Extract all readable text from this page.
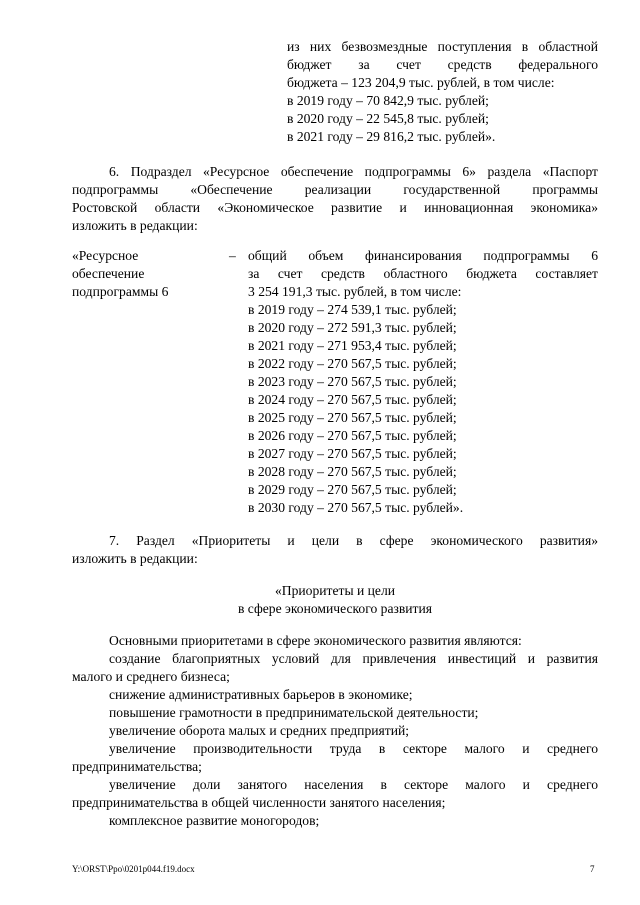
из них безвозмездные поступления в областной
бюджет за счет средств федерального
бюджета – 123 204,9 тыс. рублей, в том числе:
в 2019 году – 70 842,9 тыс. рублей;
в 2020 году – 22 545,8 тыс. рублей;
в 2021 году – 29 816,2 тыс. рублей».
6. Подраздел «Ресурсное обеспечение подпрограммы 6» раздела «Паспорт
подпрограммы «Обеспечение реализации государственной программы
Ростовской области «Экономическое развитие и инновационная экономика»
изложить в редакции:
«Ресурсное
обеспечение
подпрограммы 6
– общий объем финансирования подпрограммы 6
за счет средств областного бюджета составляет
3 254 191,3 тыс. рублей, в том числе:
в 2019 году – 274 539,1 тыс. рублей;
в 2020 году – 272 591,3 тыс. рублей;
в 2021 году – 271 953,4 тыс. рублей;
в 2022 году – 270 567,5 тыс. рублей;
в 2023 году – 270 567,5 тыс. рублей;
в 2024 году – 270 567,5 тыс. рублей;
в 2025 году – 270 567,5 тыс. рублей;
в 2026 году – 270 567,5 тыс. рублей;
в 2027 году – 270 567,5 тыс. рублей;
в 2028 году – 270 567,5 тыс. рублей;
в 2029 году – 270 567,5 тыс. рублей;
в 2030 году – 270 567,5 тыс. рублей».
7. Раздел «Приоритеты и цели в сфере экономического развития»
изложить в редакции:
«Приоритеты и цели
в сфере экономического развития
Основными приоритетами в сфере экономического развития являются:
создание благоприятных условий для привлечения инвестиций и развития
малого и среднего бизнеса;
снижение административных барьеров в экономике;
повышение грамотности в предпринимательской деятельности;
увеличение оборота малых и средних предприятий;
увеличение производительности труда в секторе малого и среднего
предпринимательства;
увеличение доли занятого населения в секторе малого и среднего
предпринимательства в общей численности занятого населения;
комплексное развитие моногородов;
Y:\ORST\Ppo\0201p044.f19.docx	7
